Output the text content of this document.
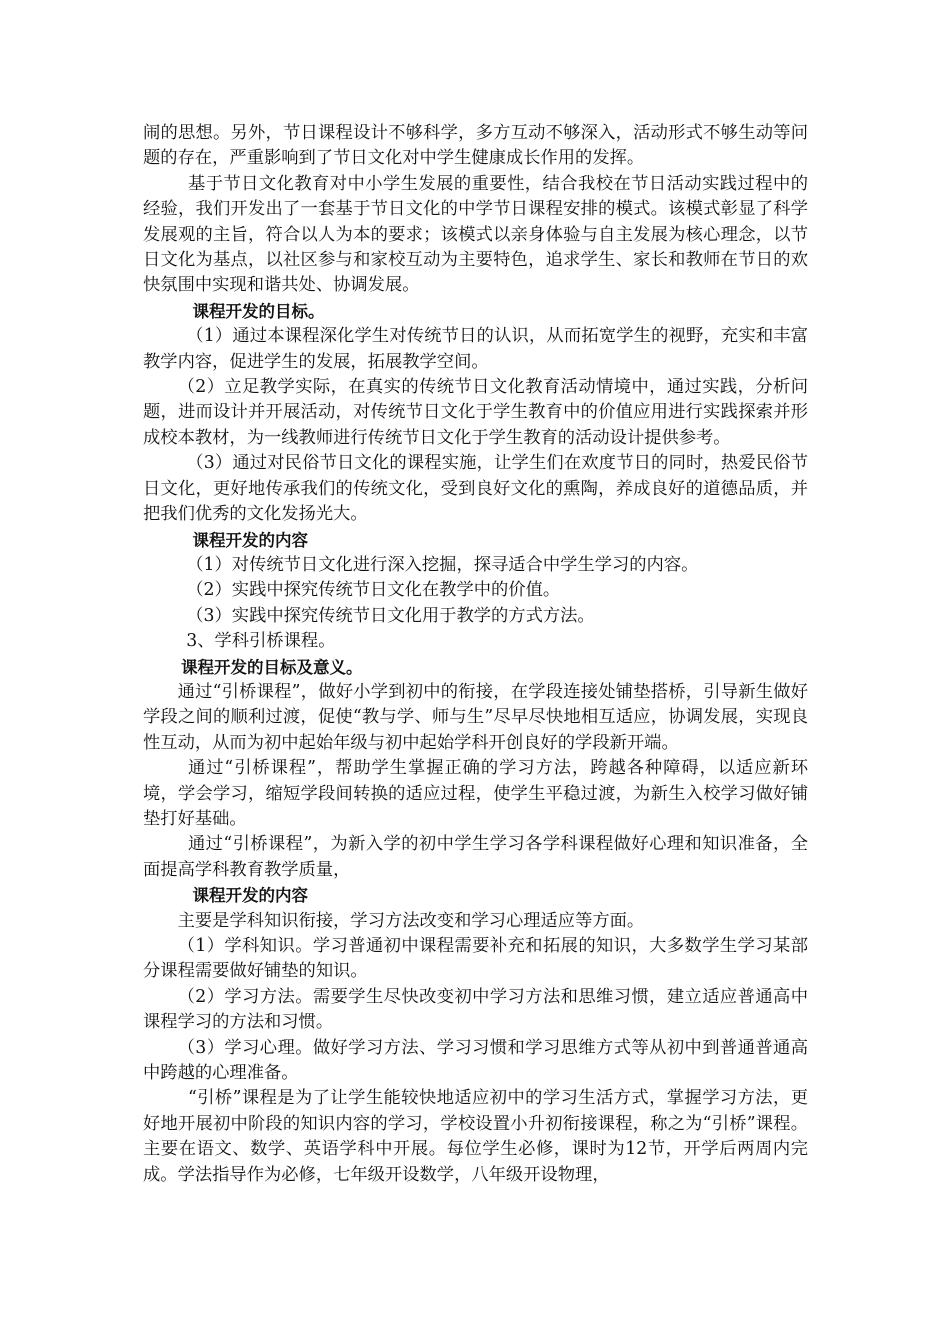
闹的思想。另外，节日课程设计不够科学，多方互动不够深入，活动形式不够生动等问题的存在，严重影响到了节日文化对中学生健康成长作用的发挥。

基于节日文化教育对中小学生发展的重要性，结合我校在节日活动实践过程中的经验，我们开发出了一套基于节日文化的中学节日课程安排的模式。该模式彰显了科学发展观的主旨，符合以人为本的要求；该模式以亲身体验与自主发展为核心理念，以节日文化为基点，以社区参与和家校互动为主要特色，追求学生、家长和教师在节日的欢快氛围中实现和谐共处、协调发展。

课程开发的目标。

（1）通过本课程深化学生对传统节日的认识，从而拓宽学生的视野，充实和丰富教学内容，促进学生的发展，拓展教学空间。

（2）立足教学实际，在真实的传统节日文化教育活动情境中，通过实践，分析问题，进而设计并开展活动，对传统节日文化于学生教育中的价值应用进行实践探索并形成校本教材，为一线教师进行传统节日文化于学生教育的活动设计提供参考。

（3）通过对民俗节日文化的课程实施，让学生们在欢度节日的同时，热爱民俗节日文化，更好地传承我们的传统文化，受到良好文化的熏陶，养成良好的道德品质，并把我们优秀的文化发扬光大。

课程开发的内容

（1）对传统节日文化进行深入挖掘，探寻适合中学生学习的内容。

（2）实践中探究传统节日文化在教学中的价值。

（3）实践中探究传统节日文化用于教学的方式方法。

3、学科引桥课程。

课程开发的目标及意义。

通过“引桥课程”，做好小学到初中的衔接，在学段连接处铺垫搭桥，引导新生做好学段之间的顺利过渡，促使“教与学、师与生”尽早尽快地相互适应，协调发展，实现良性互动，从而为初中起始年级与初中起始学科开创良好的学段新开端。

通过“引桥课程”，帮助学生掌握正确的学习方法，跨越各种障碍，以适应新环境，学会学习，缩短学段间转换的适应过程，使学生平稳过渡，为新生入校学习做好铺垫打好基础。

通过“引桥课程”，为新入学的初中学生学习各学科课程做好心理和知识准备，全面提高学科教育教学质量，

课程开发的内容

主要是学科知识衔接，学习方法改变和学习心理适应等方面。

（1）学科知识。学习普通初中课程需要补充和拓展的知识，大多数学生学习某部分课程需要做好铺垫的知识。

（2）学习方法。需要学生尽快改变初中学习方法和思维习惯，建立适应普通高中课程学习的方法和习惯。

（3）学习心理。做好学习方法、学习习惯和学习思维方式等从初中到普通普通高中跨越的心理准备。

“引桥”课程是为了让学生能较快地适应初中的学习生活方式，掌握学习方法，更好地开展初中阶段的知识内容的学习，学校设置小升初衔接课程，称之为“引桥”课程。主要在语文、数学、英语学科中开展。每位学生必修，课时为12节，开学后两周内完成。学法指导作为必修，七年级开设数学，八年级开设物理，
